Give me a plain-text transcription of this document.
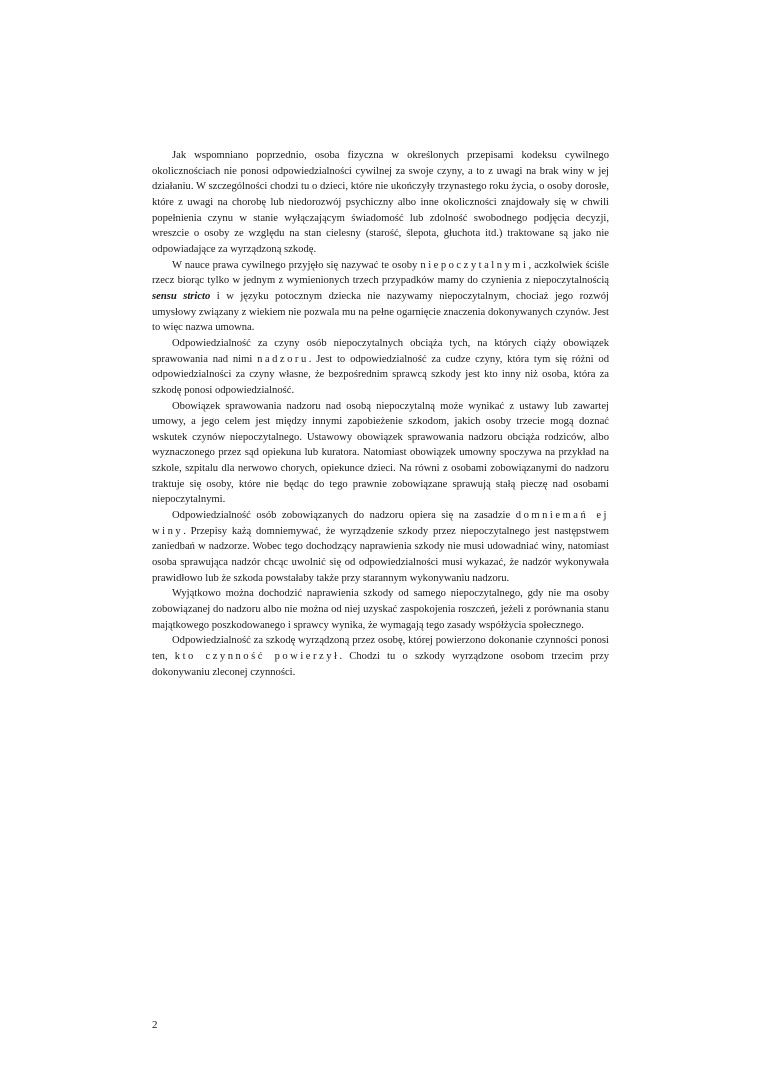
Jak wspomniano poprzednio, osoba fizyczna w określonych przepisami kodeksu cywilnego okolicznościach nie ponosi odpowiedzialności cywilnej za swoje czyny, a to z uwagi na brak winy w jej działaniu. W szczególności chodzi tu o dzieci, które nie ukończyły trzynastego roku życia, o osoby dorosłe, które z uwagi na chorobę lub niedorozwój psychiczny albo inne okoliczności znajdowały się w chwili popełnienia czynu w stanie wyłączającym świadomość lub zdolność swobodnego podjęcia decyzji, wreszcie o osoby ze względu na stan cielesny (starość, ślepota, głuchota itd.) traktowane są jako nie odpowiadające za wyrządzoną szkodę.

W nauce prawa cywilnego przyjęło się nazywać te osoby niepoczytalnymi, aczkolwiek ściśle rzecz biorąc tylko w jednym z wymienionych trzech przypadków mamy do czynienia z niepoczytalnością sensu stricto i w języku potocznym dziecka nie nazywamy niepoczytalnym, chociaż jego rozwój umysłowy związany z wiekiem nie pozwala mu na pełne ogarnięcie znaczenia dokonywanych czynów. Jest to więc nazwa umowna.

Odpowiedzialność za czyny osób niepoczytalnych obciąża tych, na których ciąży obowiązek sprawowania nad nimi nadzoru. Jest to odpowiedzialność za cudze czyny, która tym się różni od odpowiedzialności za czyny własne, że bezpośrednim sprawcą szkody jest kto inny niż osoba, która za szkodę ponosi odpowiedzialność.

Obowiązek sprawowania nadzoru nad osobą niepoczytalną może wynikać z ustawy lub zawartej umowy, a jego celem jest między innymi zapobieżenie szkodom, jakich osoby trzecie mogą doznać wskutek czynów niepoczytalnego. Ustawowy obowiązek sprawowania nadzoru obciąża rodziców, albo wyznaczonego przez sąd opiekuna lub kuratora. Natomiast obowiązek umowny spoczywa na przykład na szkole, szpitalu dla nerwowo chorych, opiekunce dzieci. Na równi z osobami zobowiązanymi do nadzoru traktuje się osoby, które nie będąc do tego prawnie zobowiązane sprawują stałą pieczę nad osobami niepoczytalnymi.

Odpowiedzialność osób zobowiązanych do nadzoru opiera się na zasadzie domniemań ej winy. Przepisy każą domniemywać, że wyrządzenie szkody przez niepoczytalnego jest następstwem zaniedbań w nadzorze. Wobec tego dochodzący naprawienia szkody nie musi udowadniać winy, natomiast osoba sprawująca nadzór chcąc uwolnić się od odpowiedzialności musi wykazać, że nadzór wykonywała prawidłowo lub że szkoda powstałaby także przy starannym wykonywaniu nadzoru.

Wyjątkowo można dochodzić naprawienia szkody od samego niepoczytalnego, gdy nie ma osoby zobowiązanej do nadzoru albo nie można od niej uzyskać zaspokojenia roszczeń, jeżeli z porównania stanu majątkowego poszkodowanego i sprawcy wynika, że wymagają tego zasady współżycia społecznego.

Odpowiedzialność za szkodę wyrządzoną przez osobę, której powierzono dokonanie czynności ponosi ten, kto czynność powierzył. Chodzi tu o szkody wyrządzone osobom trzecim przy dokonywaniu zleconej czynności.

2
